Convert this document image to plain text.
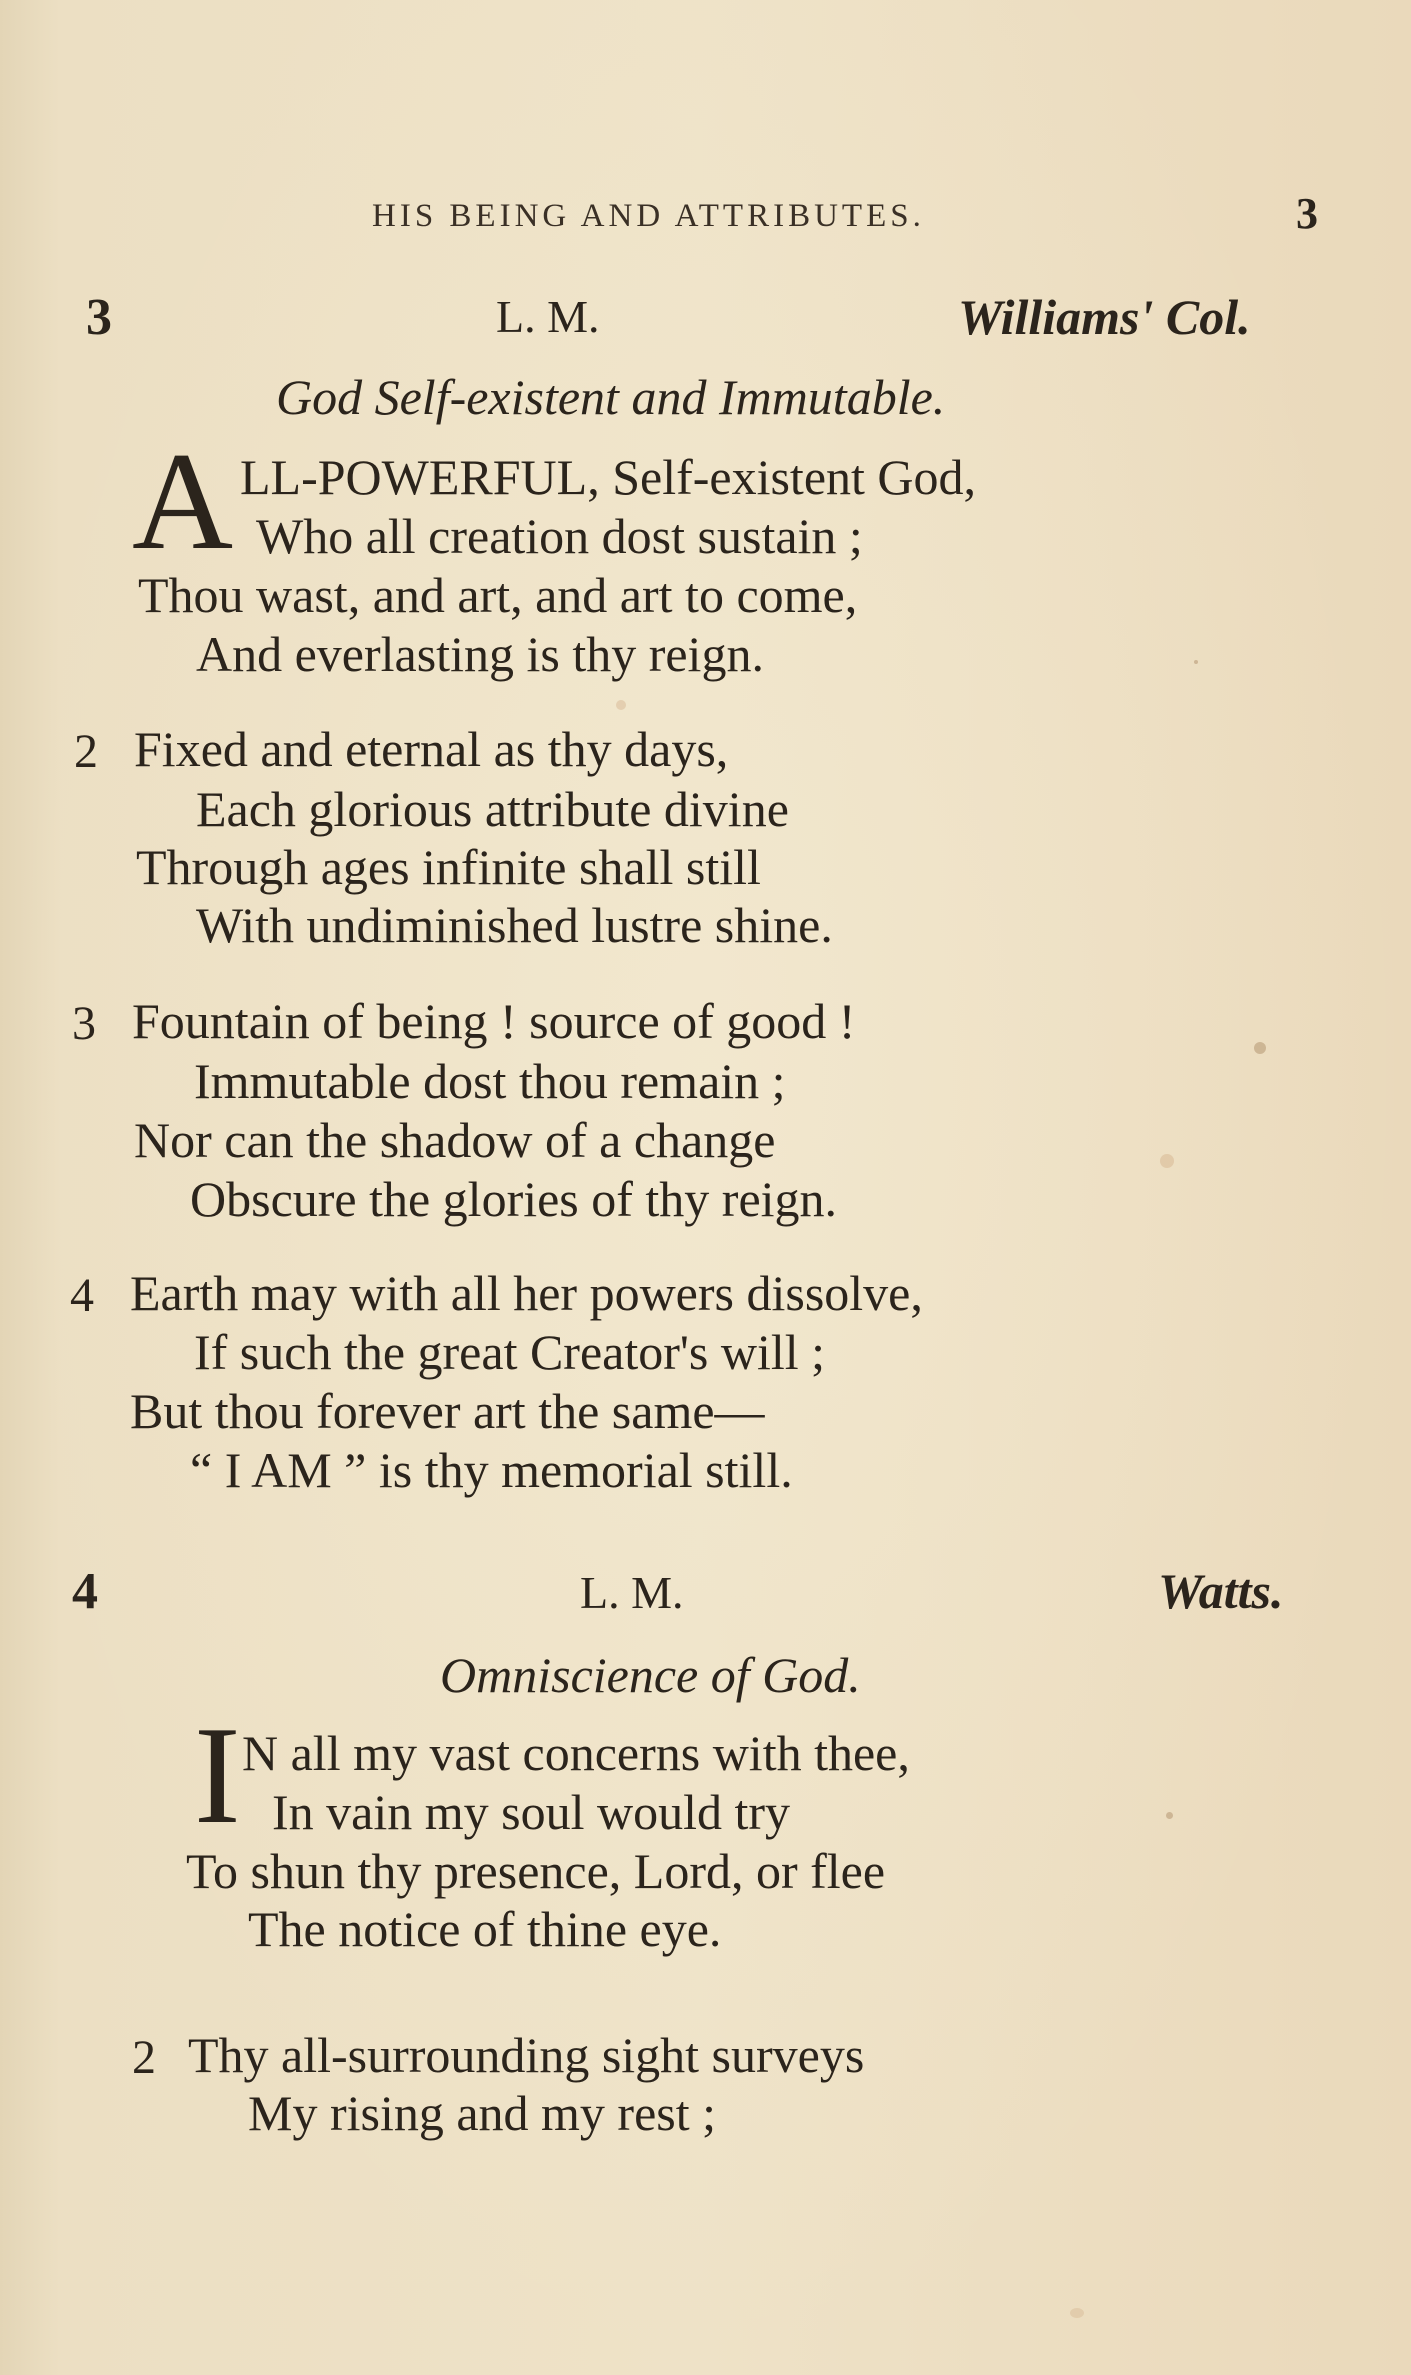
HIS BEING AND ATTRIBUTES.	3
3	L. M.	Williams' Col.
God Self-existent and Immutable.
A LL-POWERFUL, Self-existent God,
Who all creation dost sustain ;
Thou wast, and art, and art to come,
And everlasting is thy reign.
2 Fixed and eternal as thy days,
Each glorious attribute divine
Through ages infinite shall still
With undiminished lustre shine.
3 Fountain of being ! source of good !
Immutable dost thou remain ;
Nor can the shadow of a change
Obscure the glories of thy reign.
4 Earth may with all her powers dissolve,
If such the great Creator's will ;
But thou forever art the same—
“ I AM ” is thy memorial still.
4	L. M.	Watts.
Omniscience of God.
I N all my vast concerns with thee,
In vain my soul would try
To shun thy presence, Lord, or flee
The notice of thine eye.
2 Thy all-surrounding sight surveys
My rising and my rest ;
